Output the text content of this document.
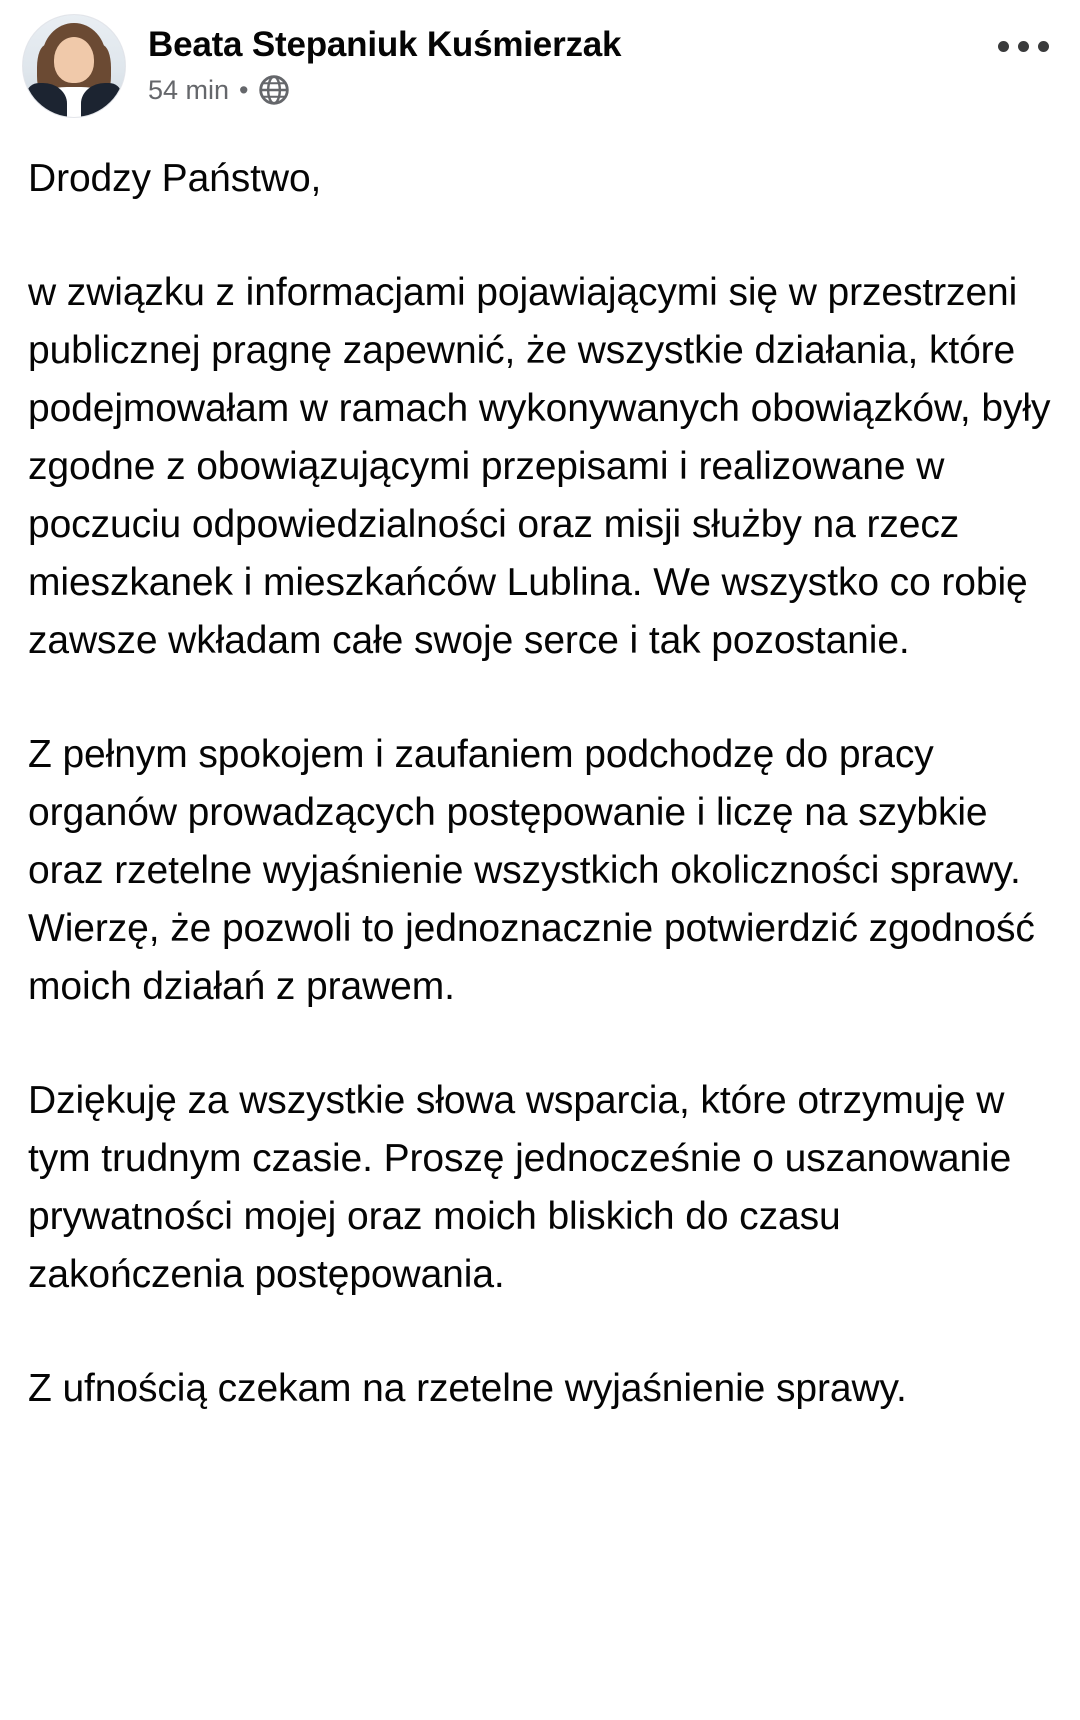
Beata Stepaniuk Kuśmierzak
54 min •

Drodzy Państwo,

w związku z informacjami pojawiającymi się w przestrzeni publicznej pragnę zapewnić, że wszystkie działania, które podejmowałam w ramach wykonywanych obowiązków, były zgodne z obowiązującymi przepisami i realizowane w poczuciu odpowiedzialności oraz misji służby na rzecz mieszkanek i mieszkańców Lublina. We wszystko co robię zawsze wkładam całe swoje serce i tak pozostanie.

Z pełnym spokojem i zaufaniem podchodzę do pracy organów prowadzących postępowanie i liczę na szybkie oraz rzetelne wyjaśnienie wszystkich okoliczności sprawy. Wierzę, że pozwoli to jednoznacznie potwierdzić zgodność moich działań z prawem.

Dziękuję za wszystkie słowa wsparcia, które otrzymuję w tym trudnym czasie. Proszę jednocześnie o uszanowanie prywatności mojej oraz moich bliskich do czasu zakończenia postępowania.

Z ufnością czekam na rzetelne wyjaśnienie sprawy.
